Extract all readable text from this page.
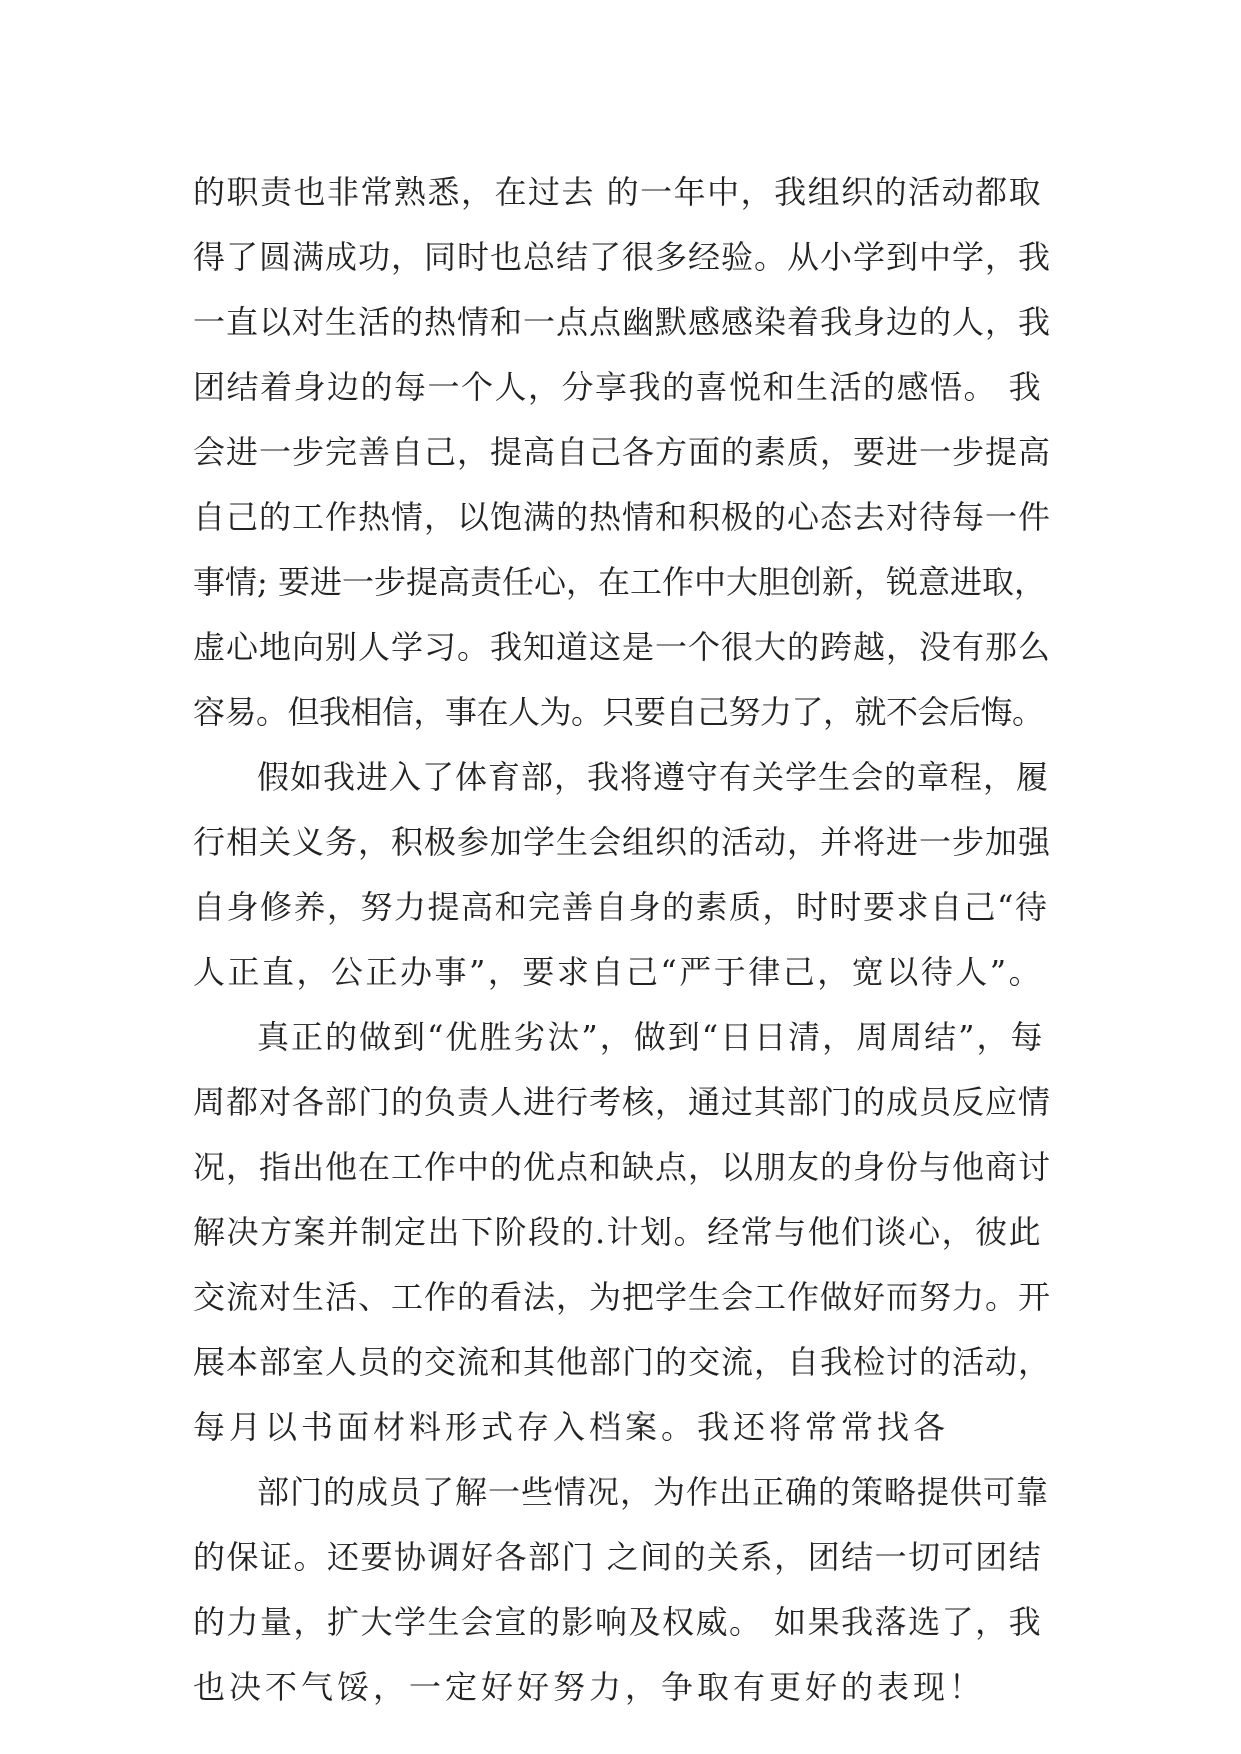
的职责也非常熟悉，在过去 的一年中，我组织的活动都取
得了圆满成功，同时也总结了很多经验。从小学到中学，我
一直以对生活的热情和一点点幽默感感染着我身边的人，我
团结着身边的每一个人，分享我的喜悦和生活的感悟。 我
会进一步完善自己，提高自己各方面的素质，要进一步提高
自己的工作热情，以饱满的热情和积极的心态去对待每一件
事情; 要进一步提高责任心，在工作中大胆创新，锐意进取，
虚心地向别人学习。我知道这是一个很大的跨越，没有那么
容易。但我相信，事在人为。只要自己努力了，就不会后悔。
假如我进入了体育部，我将遵守有关学生会的章程，履
行相关义务，积极参加学生会组织的活动，并将进一步加强
自身修养，努力提高和完善自身的素质，时时要求自己“待
人正直，公正办事”，要求自己“严于律己，宽以待人”。
真正的做到“优胜劣汰”，做到“日日清，周周结”，每
周都对各部门的负责人进行考核，通过其部门的成员反应情
况，指出他在工作中的优点和缺点，以朋友的身份与他商讨
解决方案并制定出下阶段的.计划。经常与他们谈心，彼此
交流对生活、工作的看法，为把学生会工作做好而努力。开
展本部室人员的交流和其他部门的交流，自我检讨的活动，
每月以书面材料形式存入档案。我还将常常找各
部门的成员了解一些情况，为作出正确的策略提供可靠
的保证。还要协调好各部门 之间的关系，团结一切可团结
的力量，扩大学生会宣的影响及权威。 如果我落选了，我
也决不气馁，一定好好努力，争取有更好的表现！
